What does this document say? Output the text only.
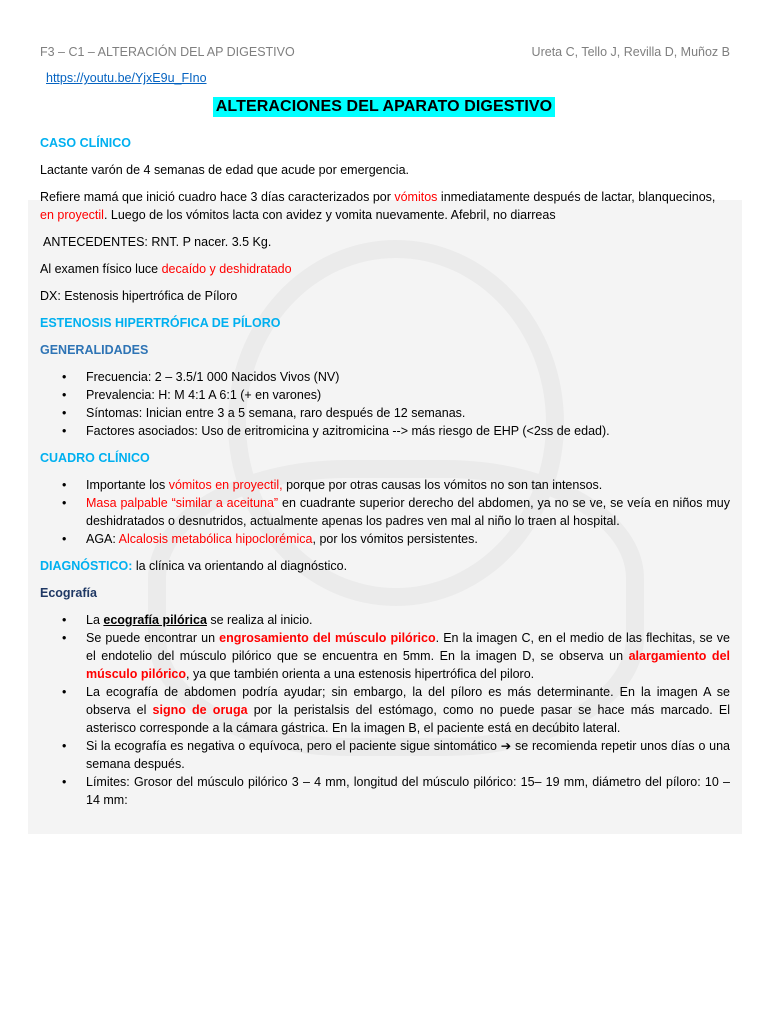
F3 – C1 – ALTERACIÓN DEL AP DIGESTIVO	Ureta C, Tello J, Revilla D, Muñoz B
https://youtu.be/YjxE9u_FIno
ALTERACIONES DEL APARATO DIGESTIVO
CASO CLÍNICO

Lactante varón de 4 semanas de edad que acude por emergencia.

Refiere mamá que inició cuadro hace 3 días caracterizados por vómitos inmediatamente después de lactar, blanquecinos, en proyectil. Luego de los vómitos lacta con avidez y vomita nuevamente. Afebril, no diarreas

ANTECEDENTES: RNT. P nacer. 3.5 Kg.

Al examen físico luce decaído y deshidratado

DX: Estenosis hipertrófica de Píloro

ESTENOSIS HIPERTRÓFICA DE PÍLORO
GENERALIDADES
• Frecuencia: 2 – 3.5/1 000 Nacidos Vivos (NV)
• Prevalencia: H: M 4:1 A 6:1 (+ en varones)
• Síntomas: Inician entre 3 a 5 semana, raro después de 12 semanas.
• Factores asociados: Uso de eritromicina y azitromicina --> más riesgo de EHP (<2ss de edad).
CUADRO CLÍNICO
• Importante los vómitos en proyectil, porque por otras causas los vómitos no son tan intensos.
• Masa palpable “similar a aceituna” en cuadrante superior derecho del abdomen, ya no se ve, se veía en niños muy deshidratados o desnutridos, actualmente apenas los padres ven mal al niño lo traen al hospital.
• AGA: Alcalosis metabólica hipoclorémica, por los vómitos persistentes.

DIAGNÓSTICO: la clínica va orientando al diagnóstico.

Ecografía
• La ecografía pilórica se realiza al inicio.
• Se puede encontrar un engrosamiento del músculo pilórico. En la imagen C, en el medio de las flechitas, se ve el endotelio del músculo pilórico que se encuentra en 5mm. En la imagen D, se observa un alargamiento del músculo pilórico, ya que también orienta a una estenosis hipertrófica del piloro.
• La ecografía de abdomen podría ayudar; sin embargo, la del píloro es más determinante. En la imagen A se observa el signo de oruga por la peristalsis del estómago, como no puede pasar se hace más marcado. El asterisco corresponde a la cámara gástrica. En la imagen B, el paciente está en decúbito lateral.
• Si la ecografía es negativa o equívoca, pero el paciente sigue sintomático ➔ se recomienda repetir unos días o una semana después.
• Límites: Grosor del músculo pilórico 3 – 4 mm, longitud del músculo pilórico: 15– 19 mm, diámetro del píloro: 10 – 14 mm:
